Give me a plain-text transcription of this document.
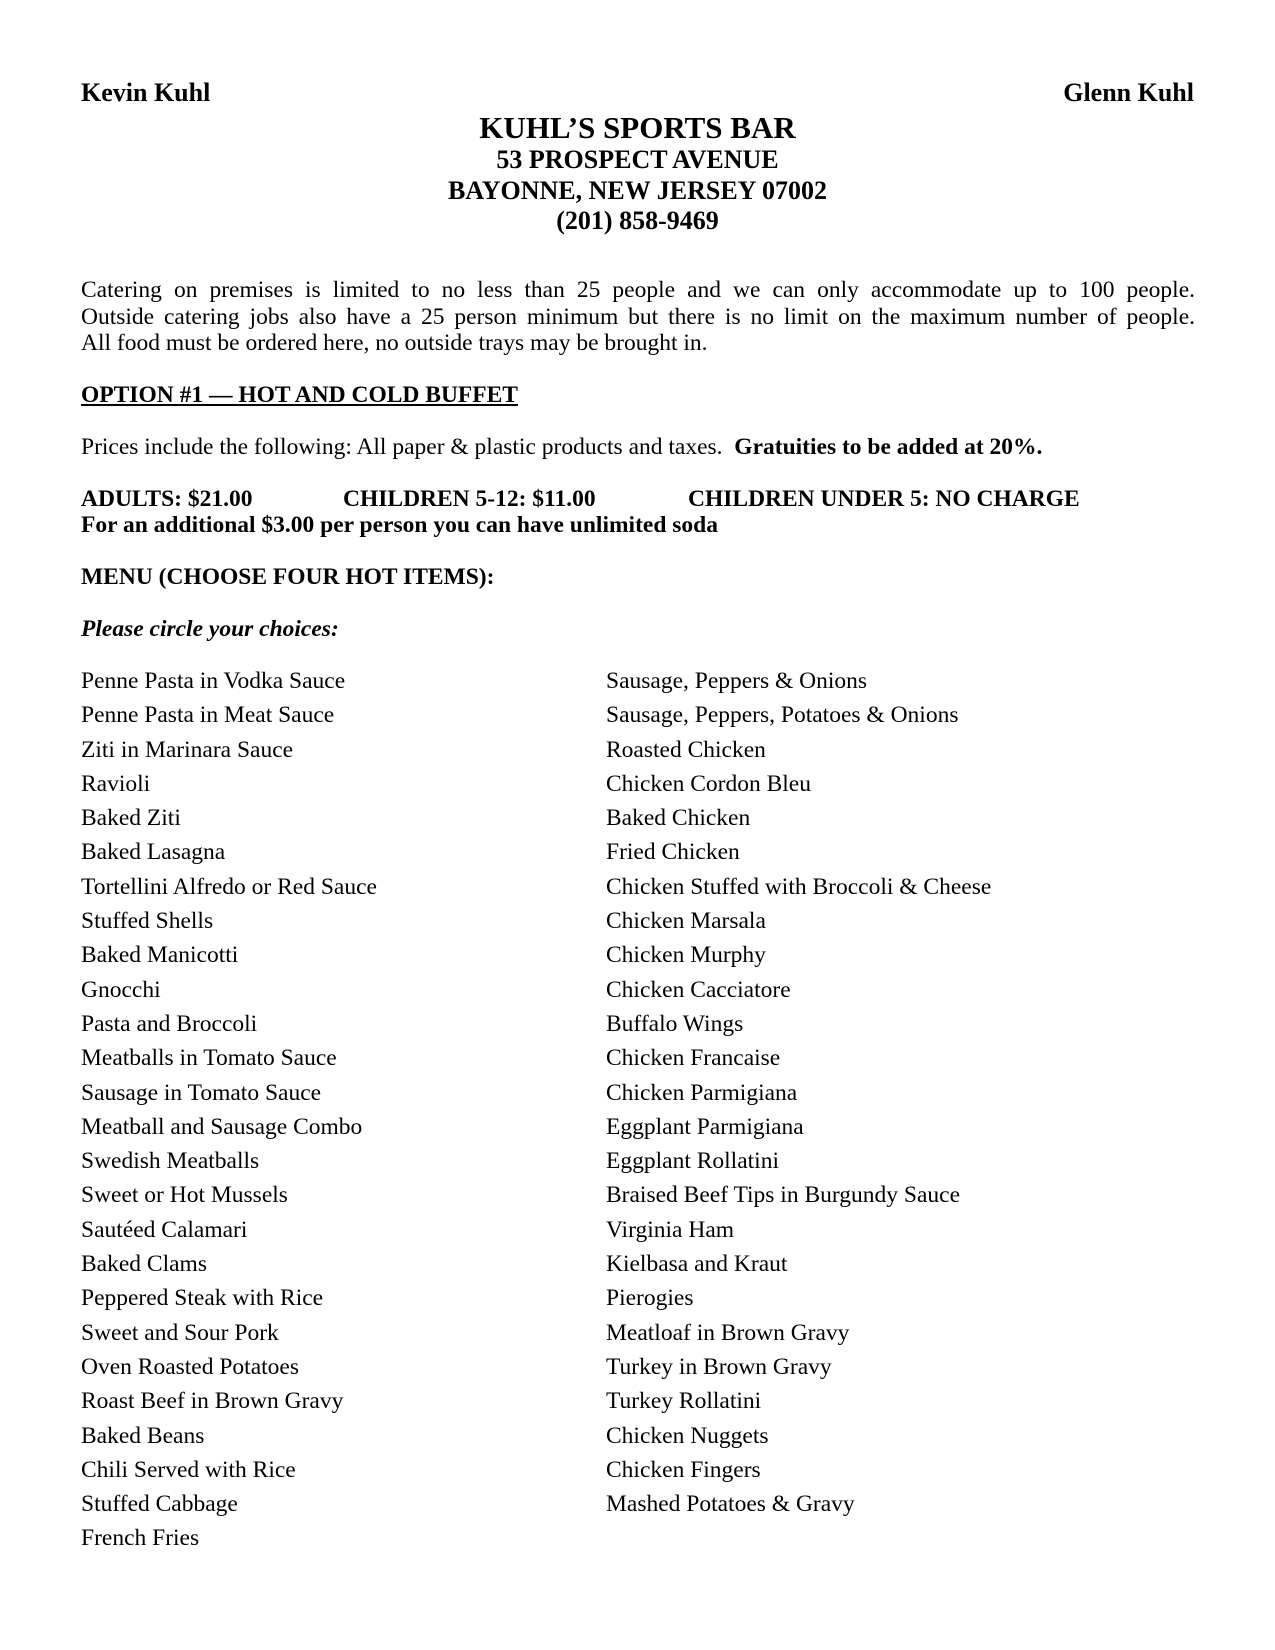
Kevin Kuhl	Glenn Kuhl
KUHL’S SPORTS BAR
53 PROSPECT AVENUE
BAYONNE, NEW JERSEY 07002
(201) 858-9469
Catering on premises is limited to no less than 25 people and we can only accommodate up to 100 people.
Outside catering jobs also have a 25 person minimum but there is no limit on the maximum number of people.
All food must be ordered here, no outside trays may be brought in.
OPTION #1 — HOT AND COLD BUFFET
Prices include the following: All paper & plastic products and taxes. Gratuities to be added at 20%.
ADULTS: $21.00	CHILDREN 5-12: $11.00	CHILDREN UNDER 5: NO CHARGE
For an additional $3.00 per person you can have unlimited soda
MENU (CHOOSE FOUR HOT ITEMS):
Please circle your choices:
Penne Pasta in Vodka Sauce
Penne Pasta in Meat Sauce
Ziti in Marinara Sauce
Ravioli
Baked Ziti
Baked Lasagna
Tortellini Alfredo or Red Sauce
Stuffed Shells
Baked Manicotti
Gnocchi
Pasta and Broccoli
Meatballs in Tomato Sauce
Sausage in Tomato Sauce
Meatball and Sausage Combo
Swedish Meatballs
Sweet or Hot Mussels
Sautéed Calamari
Baked Clams
Peppered Steak with Rice
Sweet and Sour Pork
Oven Roasted Potatoes
Roast Beef in Brown Gravy
Baked Beans
Chili Served with Rice
Stuffed Cabbage
French Fries
Sausage, Peppers & Onions
Sausage, Peppers, Potatoes & Onions
Roasted Chicken
Chicken Cordon Bleu
Baked Chicken
Fried Chicken
Chicken Stuffed with Broccoli & Cheese
Chicken Marsala
Chicken Murphy
Chicken Cacciatore
Buffalo Wings
Chicken Francaise
Chicken Parmigiana
Eggplant Parmigiana
Eggplant Rollatini
Braised Beef Tips in Burgundy Sauce
Virginia Ham
Kielbasa and Kraut
Pierogies
Meatloaf in Brown Gravy
Turkey in Brown Gravy
Turkey Rollatini
Chicken Nuggets
Chicken Fingers
Mashed Potatoes & Gravy
